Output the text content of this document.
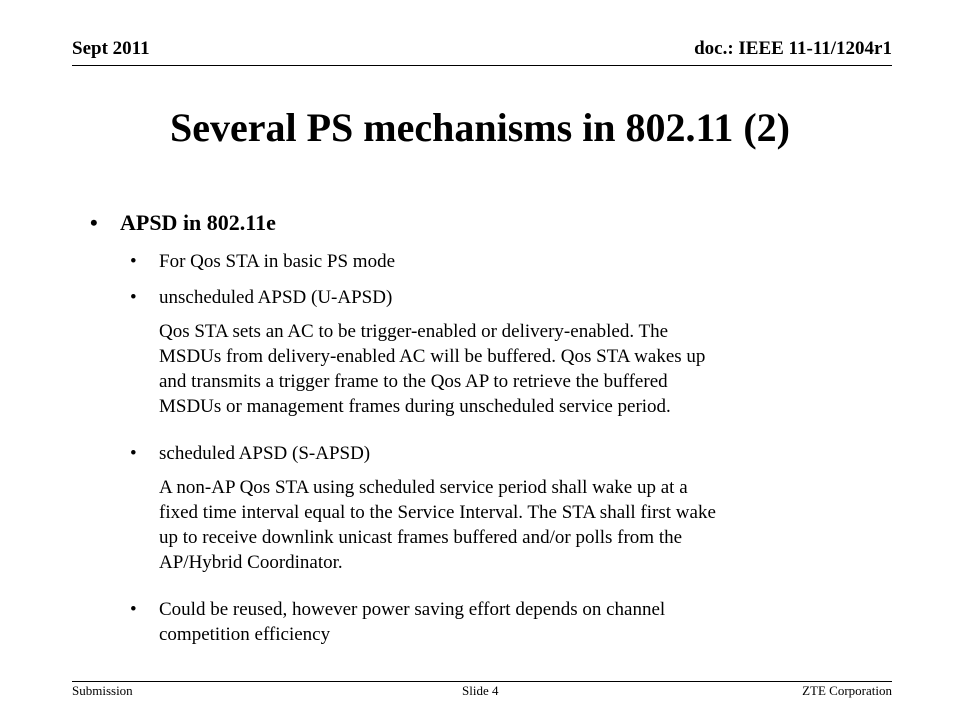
Sept 2011	doc.: IEEE 11-11/1204r1
Several PS mechanisms in 802.11 (2)
• APSD in 802.11e
• For Qos STA in basic PS mode
• unscheduled APSD (U-APSD)
Qos STA sets an AC to be trigger-enabled or delivery-enabled. The
MSDUs from delivery-enabled AC will be buffered. Qos STA wakes up
and transmits a trigger frame to the Qos AP to retrieve the buffered
MSDUs or management frames during unscheduled service period.
• scheduled APSD (S-APSD)
A non-AP Qos STA using scheduled service period shall wake up at a
fixed time interval equal to the Service Interval. The STA shall first wake
up to receive downlink unicast frames buffered and/or polls from the
AP/Hybrid Coordinator.
• Could be reused, however power saving effort depends on channel
competition efficiency
Submission	Slide 4	ZTE Corporation
